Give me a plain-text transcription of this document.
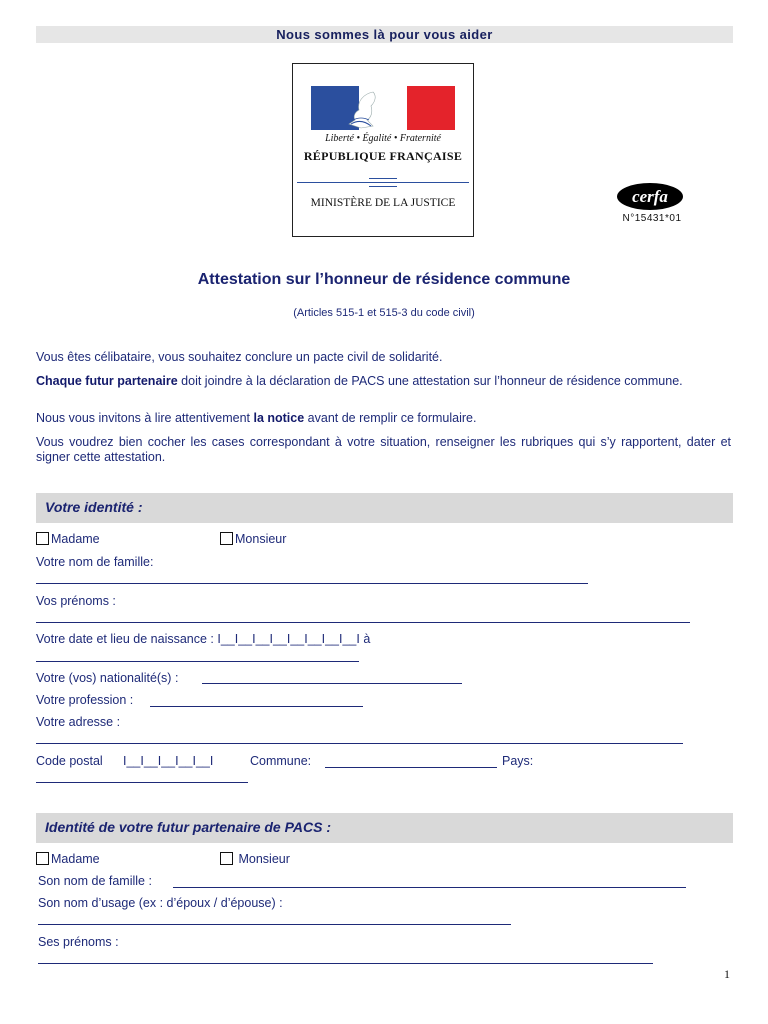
Nous sommes là pour vous aider
Liberté • Égalité • Fraternité
RÉPUBLIQUE FRANÇAISE
MINISTÈRE DE LA JUSTICE	cerfa
N°15431*01
Attestation sur l’honneur de résidence commune
(Articles 515-1 et 515-3 du code civil)
Vous êtes célibataire, vous souhaitez conclure un pacte civil de solidarité.
Chaque futur partenaire doit joindre à la déclaration de PACS une attestation sur l’honneur de résidence commune.
Nous vous invitons à lire attentivement la notice avant de remplir ce formulaire.
Vous voudrez bien cocher les cases correspondant à votre situation, renseigner les rubriques qui s’y rapportent, dater et signer cette attestation.
Votre identité :
Madame	Monsieur
Votre nom de famille:
Vos prénoms :
Votre date et lieu de naissance : I__I__I__I__I__I__I__I__I à
Votre (vos) nationalité(s) :
Votre profession :
Votre adresse :
Code postal I__I__I__I__I__I	Commune:	Pays:
Identité de votre futur partenaire de PACS :
Madame	Monsieur
Son nom de famille :
Son nom d’usage (ex : d’époux / d’épouse) :
Ses prénoms :
1
